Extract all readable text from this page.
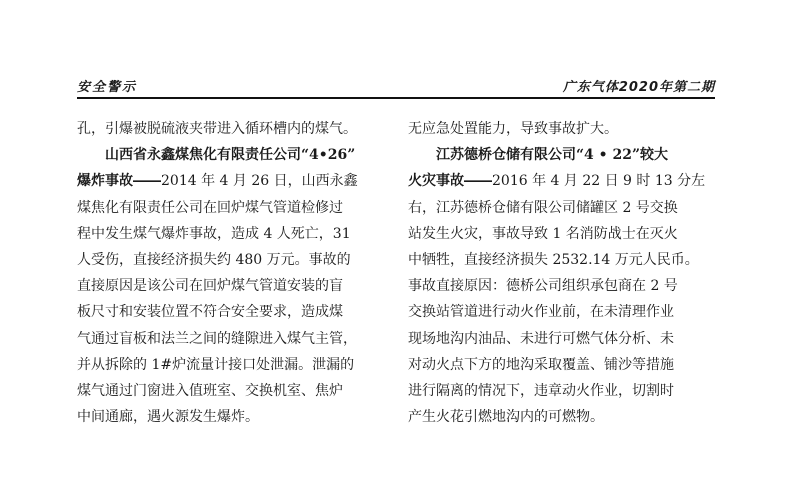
安全警示	广东气体2020年第二期
孔，引爆被脱硫液夹带进入循环槽内的煤气。
山西省永鑫煤焦化有限责任公司“4•26”
爆炸事故――2014 年 4 月 26 日，山西永鑫
煤焦化有限责任公司在回炉煤气管道检修过
程中发生煤气爆炸事故，造成 4 人死亡，31
人受伤，直接经济损失约 480 万元。事故的
直接原因是该公司在回炉煤气管道安装的盲
板尺寸和安装位置不符合安全要求，造成煤
气通过盲板和法兰之间的缝隙进入煤气主管，
并从拆除的 1#炉流量计接口处泄漏。泄漏的
煤气通过门窗进入值班室、交换机室、焦炉
中间通廊，遇火源发生爆炸。
无应急处置能力，导致事故扩大。
江苏德桥仓储有限公司“4 • 22”较大
火灾事故――2016 年 4 月 22 日 9 时 13 分左
右，江苏德桥仓储有限公司储罐区 2 号交换
站发生火灾，事故导致 1 名消防战士在灭火
中牺牲，直接经济损失 2532.14 万元人民币。
事故直接原因：德桥公司组织承包商在 2 号
交换站管道进行动火作业前，在未清理作业
现场地沟内油品、未进行可燃气体分析、未
对动火点下方的地沟采取覆盖、铺沙等措施
进行隔离的情况下，违章动火作业，切割时
产生火花引燃地沟内的可燃物。
